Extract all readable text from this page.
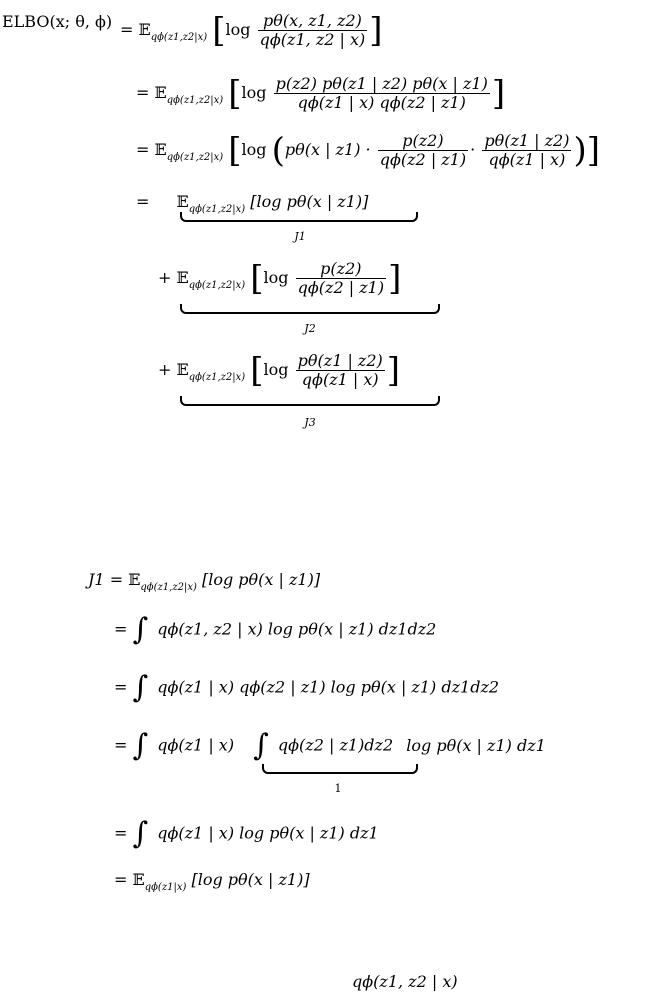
ELBO(x; θ, ϕ) = 𝔼$_{q\phi(z1,z2|x)}$ [$\log \frac{p\theta(x, z1, z2)}{q\phi(z1, z2 | x)}$ ]
= 𝔼$_{q\phi(z1,z2|x)}$ [$\log \frac{p(z2) p\theta(z1 | z2) p\theta(x | z1)}{q\phi(z1 | x) q\phi(z2 | z1)}$ ]
= 𝔼$_{q\phi(z1,z2|x)}$ [log (pθ(x | $z1) \cdot \frac{p(z2)}{q\phi(z2 | z1)} \cdot \frac{p\theta(z1 | z2)}{q\phi(z1 | x)}$ )]
= 𝔼$_{q\phi(z1,z2|x)}$ [log pθ(x | z1)]
J1
+ 𝔼$_{q\phi(z1,z2|x)}$ [$\log \frac{p(z2)}{q\phi(z2 | z1)}$ ]
J2
+ 𝔼$_{q\phi(z1,z2|x)}$ [$\log \frac{p\theta(z1 | z2)}{q\phi(z1 | x)}$ ]
J3
J1 = 𝔼$_{q\phi(z1,z2|x)}$ [log pθ(x | z1)]
= ∫ qϕ(z1, z2 | x) log pθ(x | z1) dz1dz2
= ∫ qϕ(z1 | x) qϕ(z2 | z1) log pθ(x | z1) dz1dz2
= ∫ qϕ(z1 | x) ∫ qϕ(z2 | z1)dz2 log pθ(x | z1) dz1
1
= ∫ qϕ(z1 | x) log pθ(x | z1) dz1
= 𝔼$_{q\phi(z1|x)}$ [log pθ(x | z1)]
qϕ(z1, z2 | x)
